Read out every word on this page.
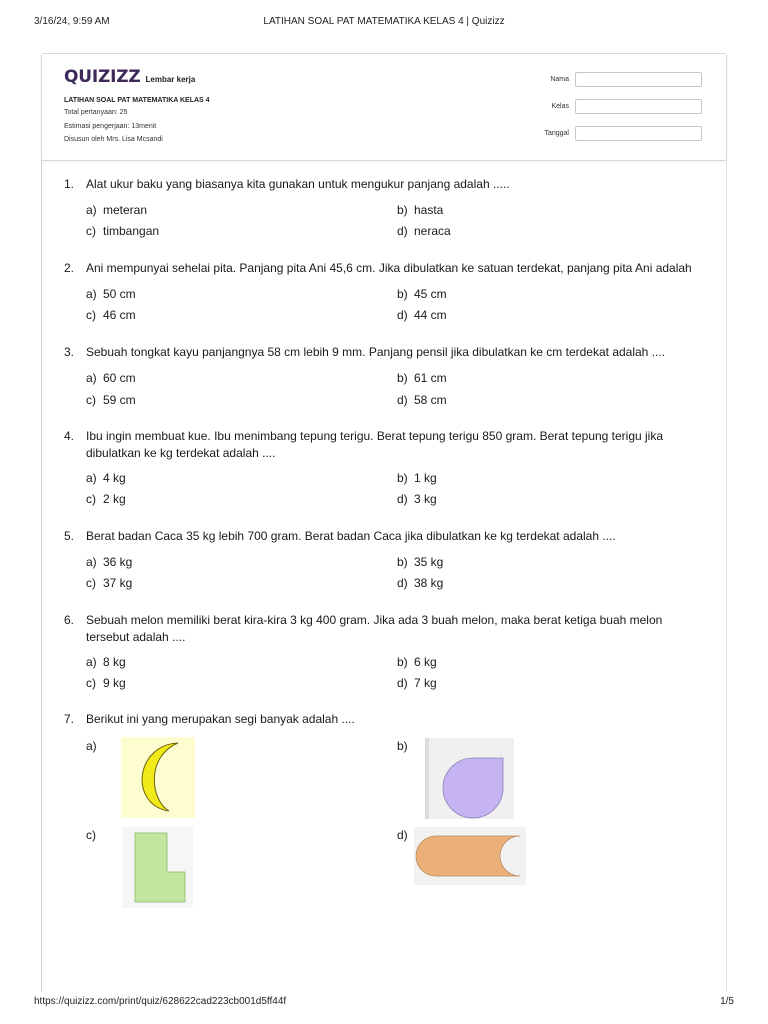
3/16/24, 9:59 AM	LATIHAN SOAL PAT MATEMATIKA KELAS 4 | Quizizz
QUIZIZZ Lembar kerja
LATIHAN SOAL PAT MATEMATIKA KELAS 4
Total pertanyaan: 25
Estimasi pengerjaan: 13menit
Disusun oleh Mrs. Lisa Mcsandi
Nama
Kelas
Tanggal
1. Alat ukur baku yang biasanya kita gunakan untuk mengukur panjang adalah .....
a) meteran	b) hasta
c) timbangan	d) neraca
2. Ani mempunyai sehelai pita. Panjang pita Ani 45,6 cm. Jika dibulatkan ke satuan terdekat, panjang pita Ani adalah
a) 50 cm	b) 45 cm
c) 46 cm	d) 44 cm
3. Sebuah tongkat kayu panjangnya 58 cm lebih 9 mm. Panjang pensil jika dibulatkan ke cm terdekat adalah ....
a) 60 cm	b) 61 cm
c) 59 cm	d) 58 cm
4. Ibu ingin membuat kue. Ibu menimbang tepung terigu. Berat tepung terigu 850 gram. Berat tepung terigu jika
dibulatkan ke kg terdekat adalah ....
a) 4 kg	b) 1 kg
c) 2 kg	d) 3 kg
5. Berat badan Caca 35 kg lebih 700 gram. Berat badan Caca jika dibulatkan ke kg terdekat adalah ....
a) 36 kg	b) 35 kg
c) 37 kg	d) 38 kg
6. Sebuah melon memiliki berat kira-kira 3 kg 400 gram. Jika ada 3 buah melon, maka berat ketiga buah melon
tersebut adalah ....
a) 8 kg	b) 6 kg
c) 9 kg	d) 7 kg
7. Berikut ini yang merupakan segi banyak adalah ....
a)	b)
c)	d)
https://quizizz.com/print/quiz/628622cad223cb001d5ff44f	1/5
